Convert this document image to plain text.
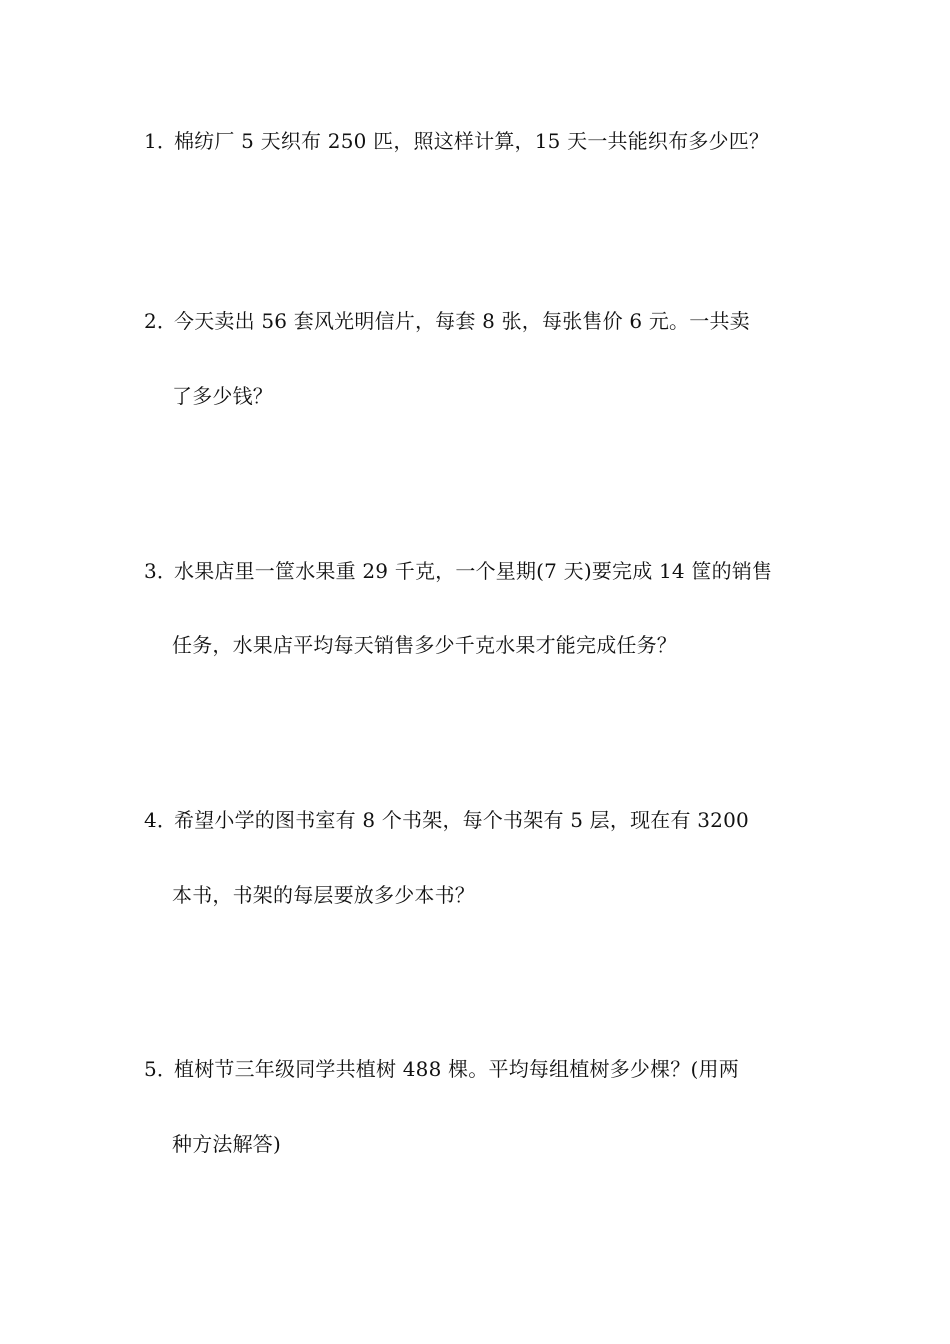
1．棉纺厂 5 天织布 250 匹，照这样计算，15 天一共能织布多少匹？
2．今天卖出 56 套风光明信片，每套 8 张，每张售价 6 元。一共卖
了多少钱？
3．水果店里一筐水果重 29 千克，一个星期(7 天)要完成 14 筐的销售
任务，水果店平均每天销售多少千克水果才能完成任务？
4．希望小学的图书室有 8 个书架，每个书架有 5 层，现在有 3200
本书，书架的每层要放多少本书？
5．植树节三年级同学共植树 488 棵。平均每组植树多少棵？(用两
种方法解答)
